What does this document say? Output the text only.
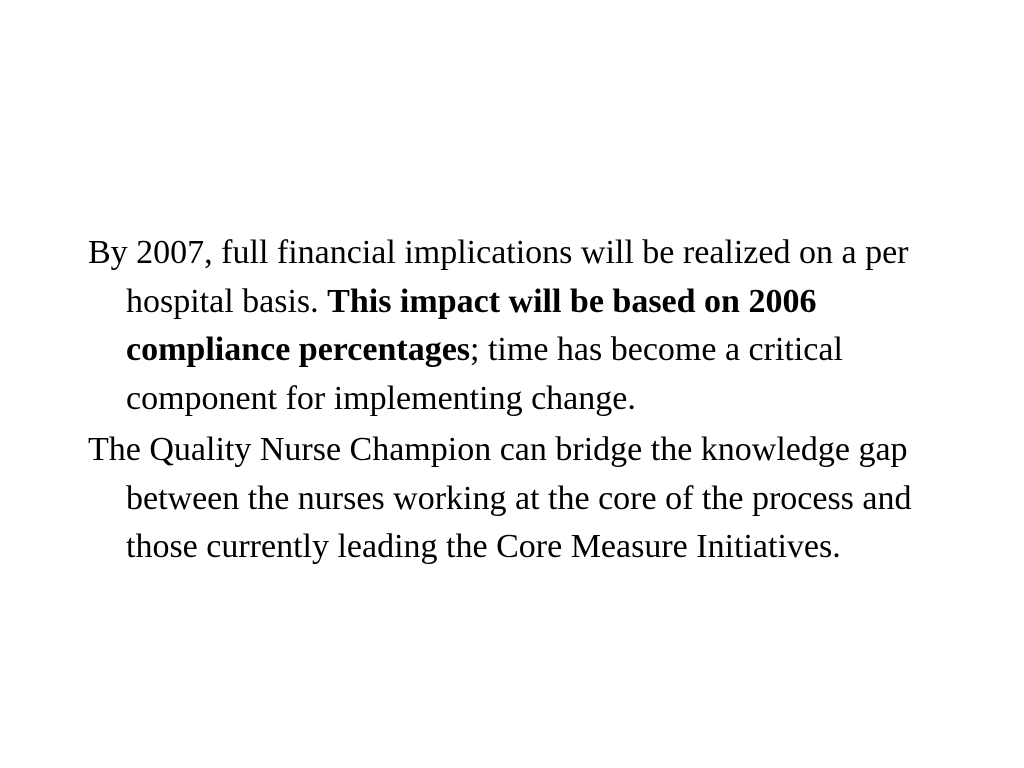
By 2007, full financial implications will be realized on a per hospital basis. This impact will be based on 2006 compliance percentages; time has become a critical component for implementing change.

The Quality Nurse Champion can bridge the knowledge gap between the nurses working at the core of the process and those currently leading the Core Measure Initiatives.
